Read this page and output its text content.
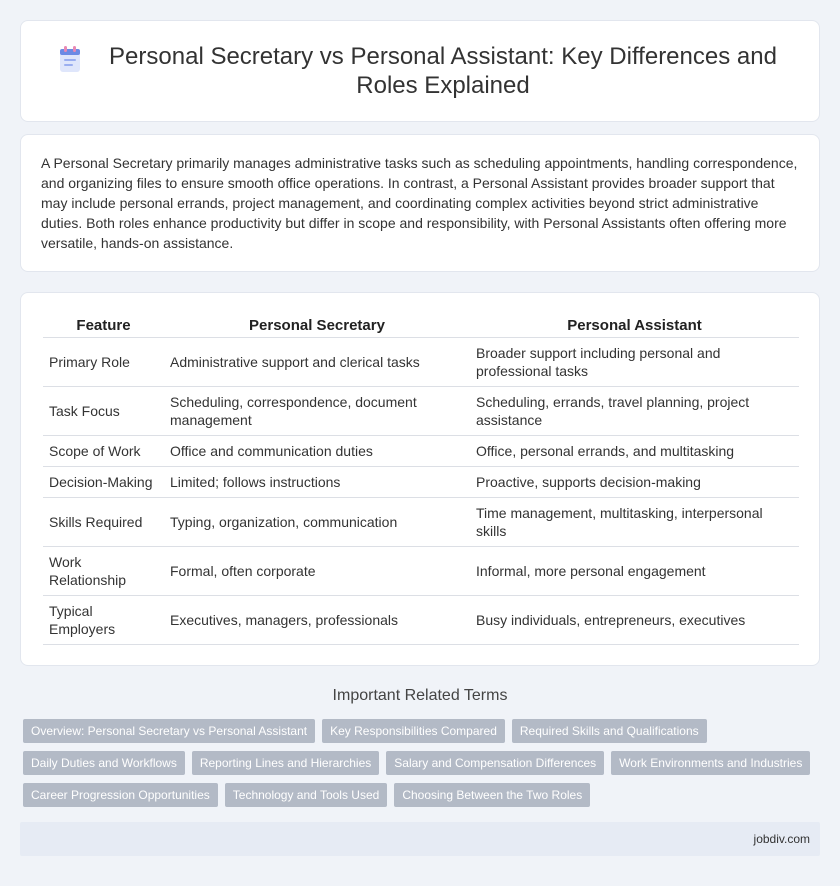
Personal Secretary vs Personal Assistant: Key Differences and Roles Explained

A Personal Secretary primarily manages administrative tasks such as scheduling appointments, handling correspondence, and organizing files to ensure smooth office operations. In contrast, a Personal Assistant provides broader support that may include personal errands, project management, and coordinating complex activities beyond strict administrative duties. Both roles enhance productivity but differ in scope and responsibility, with Personal Assistants often offering more versatile, hands-on assistance.

Feature	Personal Secretary	Personal Assistant
Primary Role	Administrative support and clerical tasks	Broader support including personal and professional tasks
Task Focus	Scheduling, correspondence, document management	Scheduling, errands, travel planning, project assistance
Scope of Work	Office and communication duties	Office, personal errands, and multitasking
Decision-Making	Limited; follows instructions	Proactive, supports decision-making
Skills Required	Typing, organization, communication	Time management, multitasking, interpersonal skills
Work Relationship	Formal, often corporate	Informal, more personal engagement
Typical Employers	Executives, managers, professionals	Busy individuals, entrepreneurs, executives
Important Related Terms
Overview: Personal Secretary vs Personal Assistant	Key Responsibilities Compared	Required Skills and Qualifications
Daily Duties and Workflows	Reporting Lines and Hierarchies	Salary and Compensation Differences	Work Environments and Industries
Career Progression Opportunities	Technology and Tools Used	Choosing Between the Two Roles
jobdiv.com
